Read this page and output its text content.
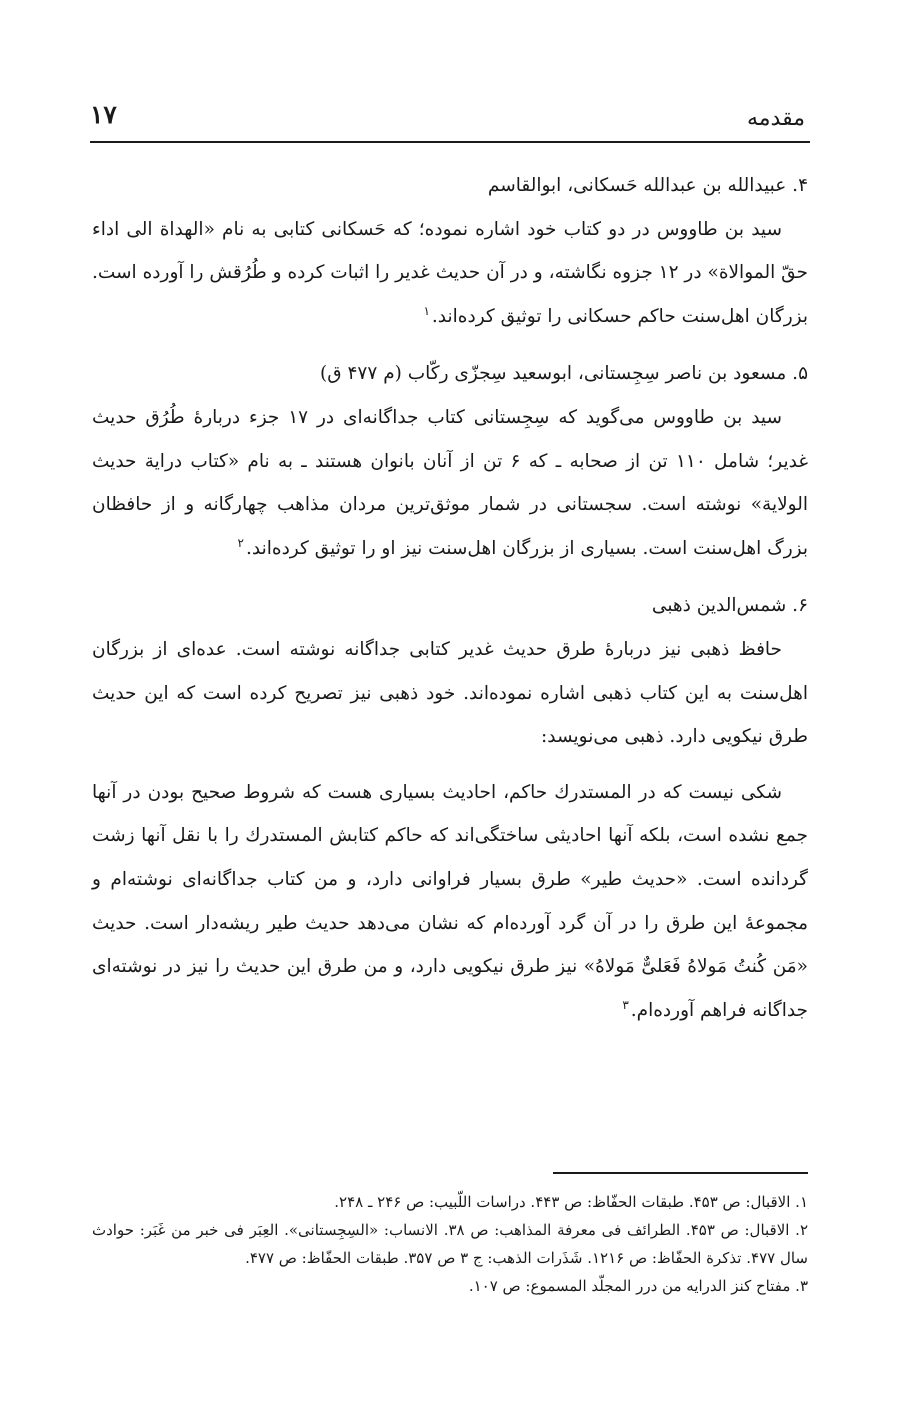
مقدمه
۱۷

۴. عبیدالله بن عبدالله حَسکانی، ابوالقاسم

سید بن طاووس در دو کتاب خود اشاره نموده؛ که حَسکانی کتابی به نام «الهداة الی اداء حقّ الموالاة» در ۱۲ جزوه نگاشته، و در آن حدیث غدیر را اثبات کرده و طُرُقش را آورده است. بزرگان اهل‌سنت حاکم حسکانی را توثیق کرده‌اند.$^۱$

۵. مسعود بن ناصر سِجِستانی، ابوسعید سِجزّی رکّاب (م ۴۷۷ ق)

سید بن طاووس می‌گوید که سِجِستانی کتاب جداگانه‌ای در ۱۷ جزء دربارهٔ طُرُق حدیث غدیر؛ شامل ۱۱۰ تن از صحابه ـ که ۶ تن از آنان بانوان هستند ـ به نام «کتاب درایة حدیث الولایة» نوشته است. سجستانی در شمار موثق‌ترین مردان مذاهب چهارگانه و از حافظان بزرگ اهل‌سنت است. بسیاری از بزرگان اهل‌سنت نیز او را توثیق کرده‌اند.$^۲$

۶. شمس‌الدین ذهبی

حافظ ذهبی نیز دربارهٔ طرق حدیث غدیر کتابی جداگانه نوشته است. عده‌ای از بزرگان اهل‌سنت به این کتاب ذهبی اشاره نموده‌اند. خود ذهبی نیز تصریح کرده است که این حدیث طرق نیکویی دارد. ذهبی می‌نویسد:

شکی نیست که در المستدرك حاکم، احادیث بسیاری هست که شروط صحیح بودن در آنها جمع نشده است، بلکه آنها احادیثی ساختگی‌اند که حاکم کتابش المستدرك را با نقل آنها زشت گردانده است. «حدیث طیر» طرق بسیار فراوانی دارد، و من کتاب جداگانه‌ای نوشته‌ام و مجموعهٔ این طرق را در آن گرد آورده‌ام که نشان می‌دهد حدیث طیر ریشه‌دار است. حدیث «مَن کُنتُ مَولاهُ فَعَلیٌّ مَولاهُ» نیز طرق نیکویی دارد، و من طرق این حدیث را نیز در نوشته‌ای جداگانه فراهم آورده‌ام.$^۳$

۱. الاقبال: ص ۴۵۳. طبقات الحفّاظ: ص ۴۴۳. دراسات اللّبیب: ص ۲۴۶ ـ ۲۴۸.

۲. الاقبال: ص ۴۵۳. الطرائف فی معرفة المذاهب: ص ۳۸. الانساب: «السِجِستانی». العِبَر فی خبر من غَبَر: حوادث سال ۴۷۷. تذکرة الحفّاظ: ص ۱۲۱۶. شَذَرات الذهب: ج ۳ ص ۳۵۷. طبقات الحفّاظ: ص ۴۷۷.

۳. مفتاح کنز الدرایه من درر المجلّد المسموع: ص ۱۰۷.
